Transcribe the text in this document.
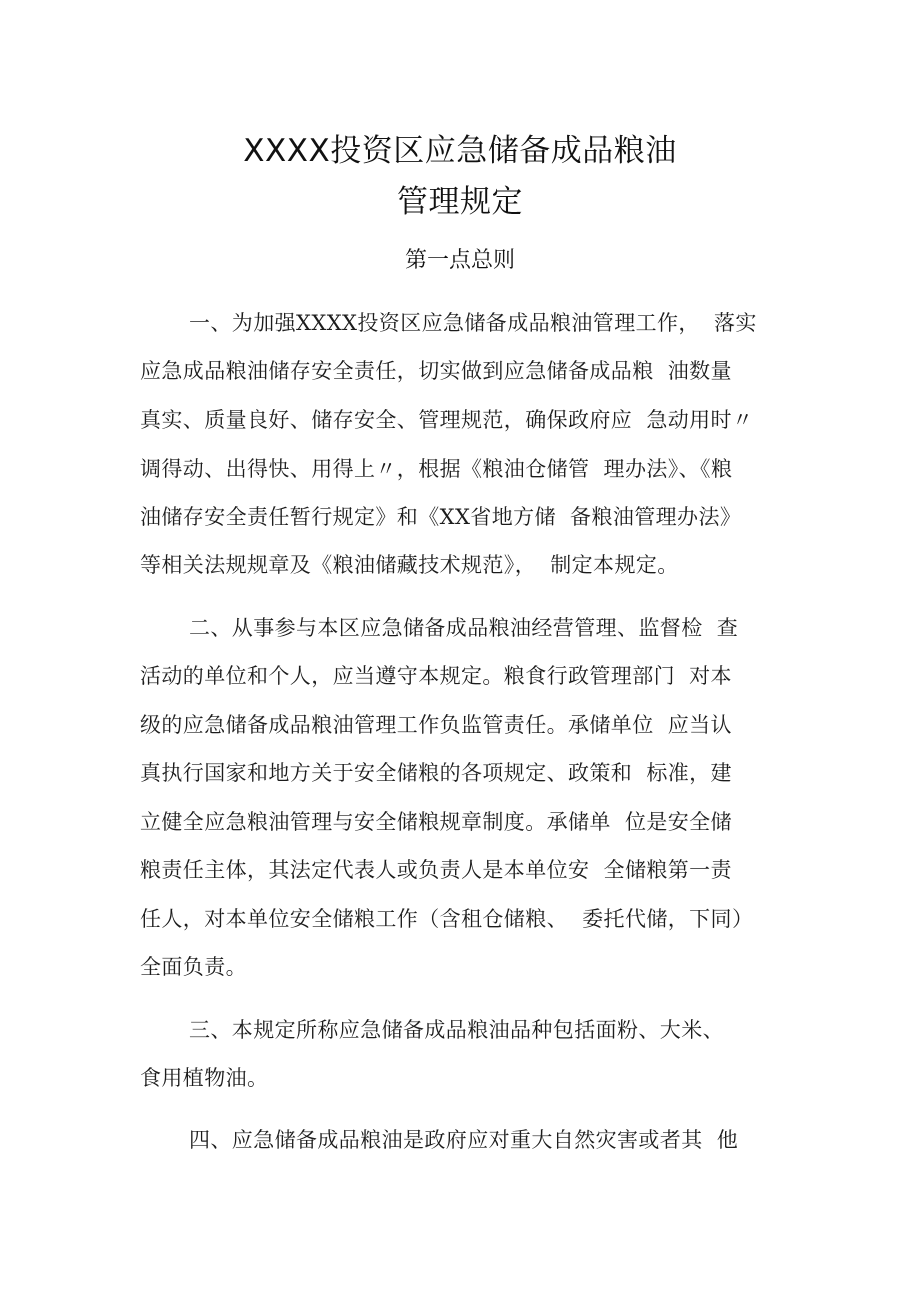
XXXX投资区应急储备成品粮油
管理规定
第一点总则
一、为加强XXXX投资区应急储备成品粮油管理工作，  落实
应急成品粮油储存安全责任，切实做到应急储备成品粮  油数量
真实、质量良好、储存安全、管理规范，确保政府应  急动用时〃
调得动、出得快、用得上〃，根据《粮油仓储管  理办法》、《粮
油储存安全责任暂行规定》和《XX省地方储  备粮油管理办法》
等相关法规规章及《粮油储藏技术规范》，  制定本规定。
二、从事参与本区应急储备成品粮油经营管理、监督检  查
活动的单位和个人，应当遵守本规定。粮食行政管理部门  对本
级的应急储备成品粮油管理工作负监管责任。承储单位  应当认
真执行国家和地方关于安全储粮的各项规定、政策和  标准，建
立健全应急粮油管理与安全储粮规章制度。承储单  位是安全储
粮责任主体，其法定代表人或负责人是本单位安  全储粮第一责
任人，对本单位安全储粮工作（含租仓储粮、  委托代储，下同）
全面负责。
三、本规定所称应急储备成品粮油品种包括面粉、大米、
食用植物油。
四、应急储备成品粮油是政府应对重大自然灾害或者其  他
